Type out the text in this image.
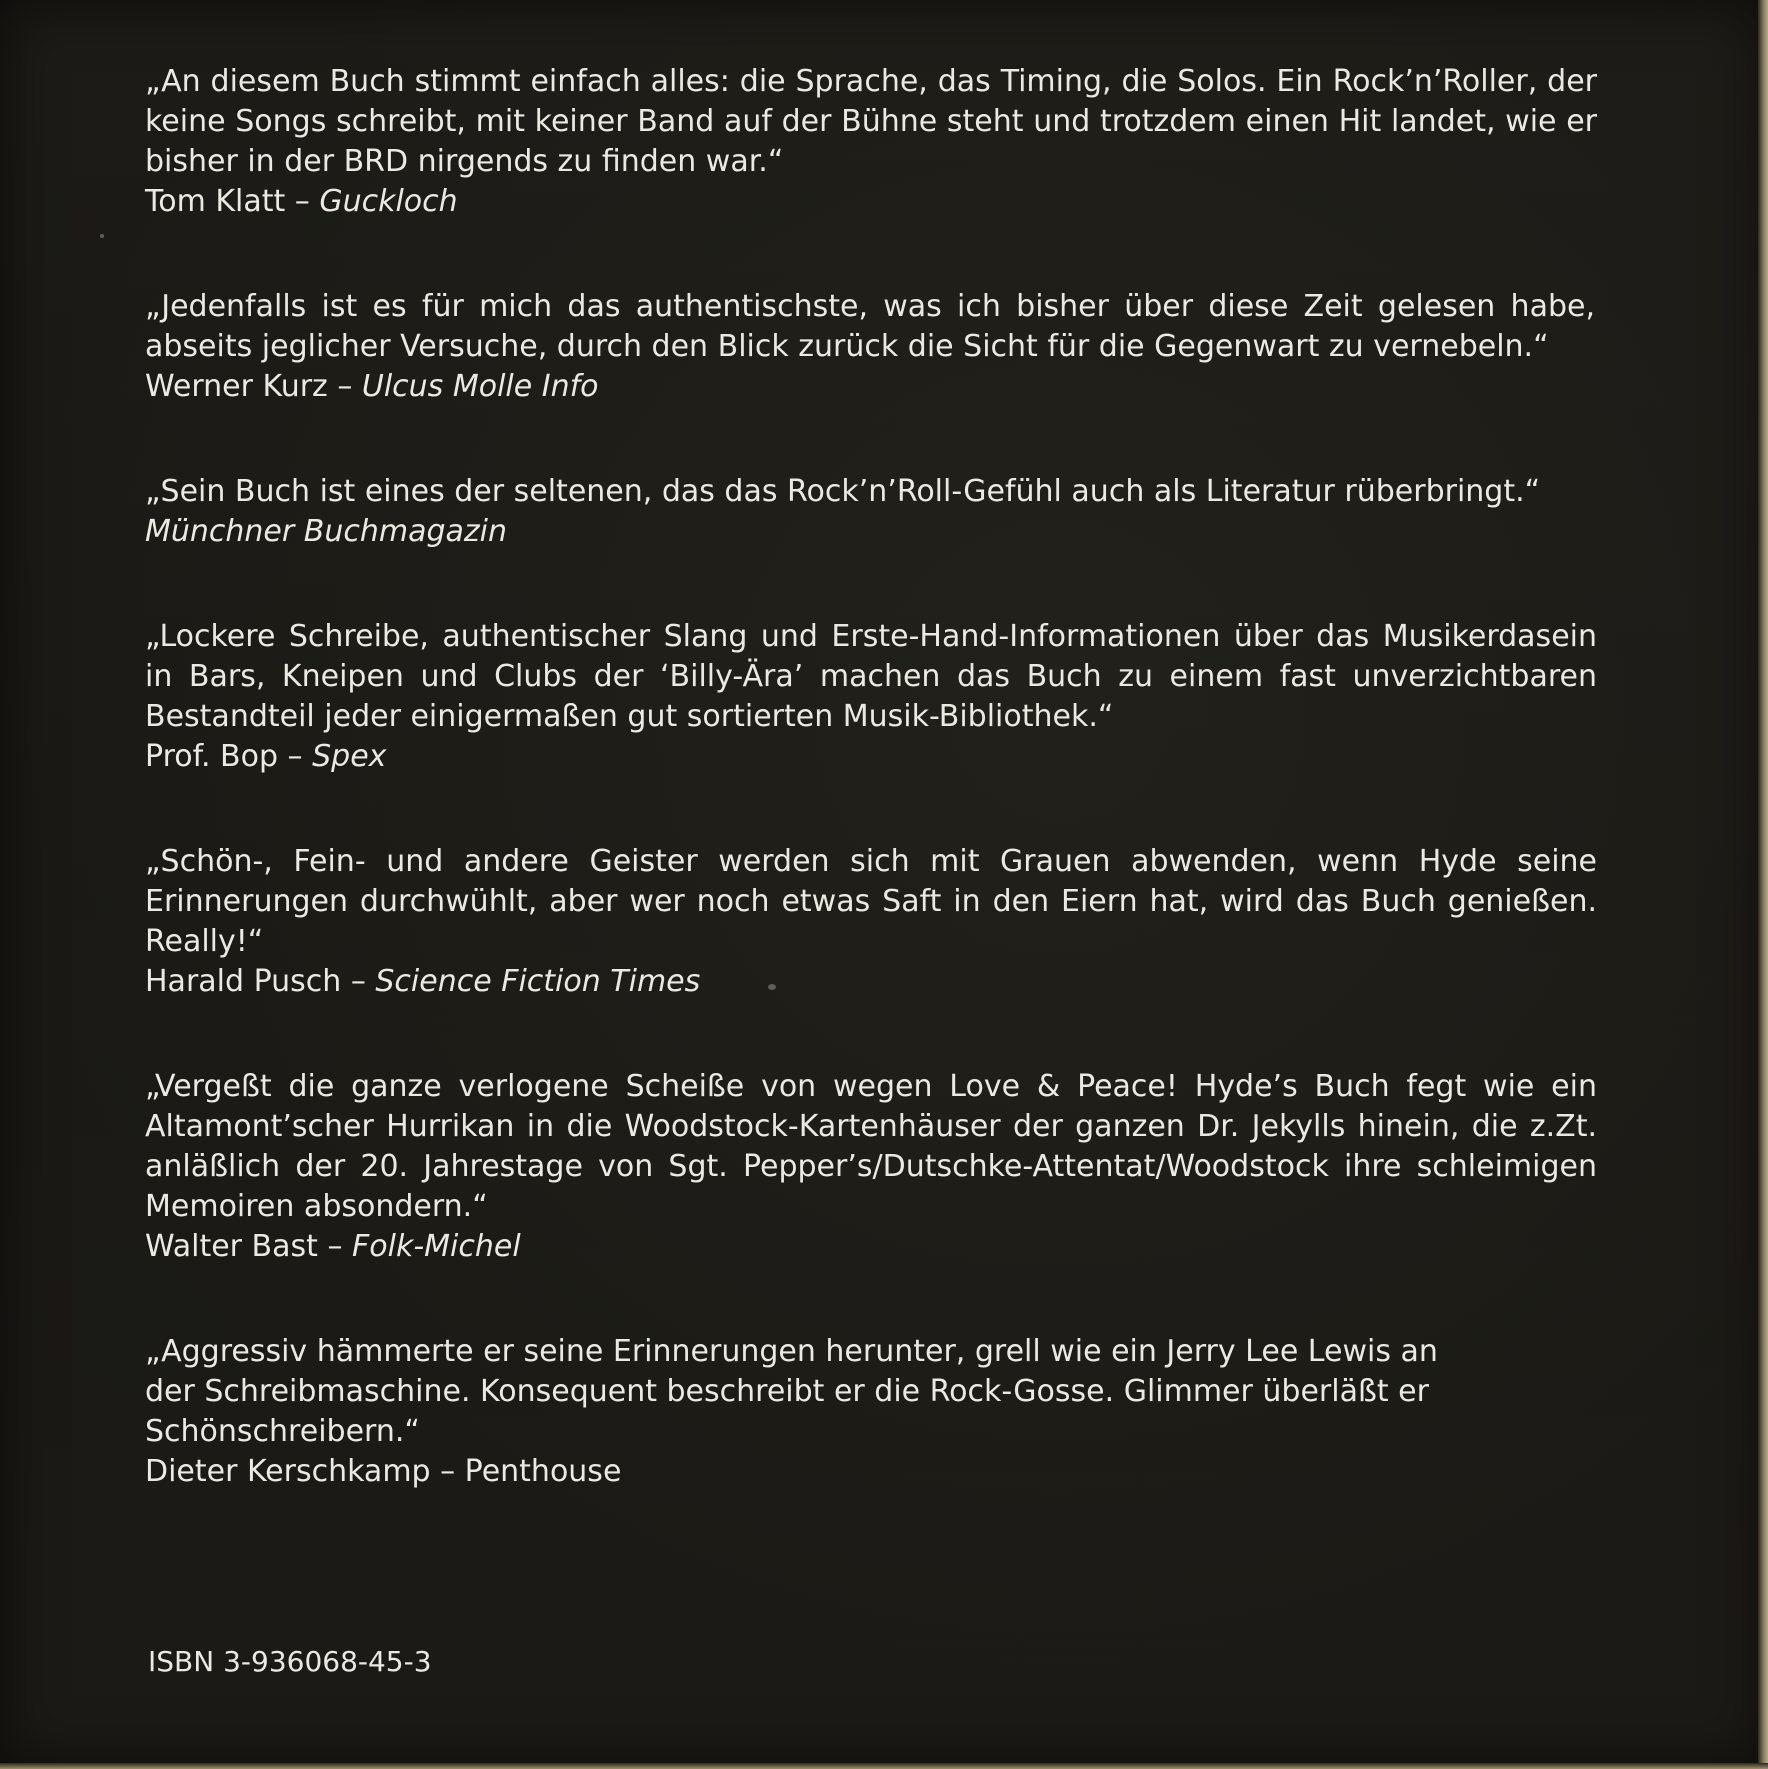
„An diesem Buch stimmt einfach alles: die Sprache, das Timing, die Solos. Ein Rock’n’Roller, der keine Songs schreibt, mit keiner Band auf der Bühne steht und trotzdem einen Hit landet, wie er bisher in der BRD nirgends zu finden war.“

Tom Klatt – Guckloch

„Jedenfalls ist es für mich das authentischste, was ich bisher über diese Zeit gelesen habe, abseits jeglicher Versuche, durch den Blick zurück die Sicht für die Gegenwart zu vernebeln.“

Werner Kurz – Ulcus Molle Info

„Sein Buch ist eines der seltenen, das das Rock’n’Roll-Gefühl auch als Literatur rüberbringt.“

Münchner Buchmagazin

„Lockere Schreibe, authentischer Slang und Erste-Hand-Informationen über das Musikerdasein in Bars, Kneipen und Clubs der ‘Billy-Ära’ machen das Buch zu einem fast unverzichtbaren Bestandteil jeder einigermaßen gut sortierten Musik-Bibliothek.“

Prof. Bop – Spex

„Schön-, Fein- und andere Geister werden sich mit Grauen abwenden, wenn Hyde seine Erinnerungen durchwühlt, aber wer noch etwas Saft in den Eiern hat, wird das Buch genießen. Really!“

Harald Pusch – Science Fiction Times

„Vergeßt die ganze verlogene Scheiße von wegen Love & Peace! Hyde’s Buch fegt wie ein Altamont’scher Hurrikan in die Woodstock-Kartenhäuser der ganzen Dr. Jekylls hinein, die z.Zt. anläßlich der 20. Jahrestage von Sgt. Pepper’s/Dutschke-Attentat/Woodstock ihre schleimigen Memoiren absondern.“

Walter Bast – Folk-Michel

„Aggressiv hämmerte er seine Erinnerungen herunter, grell wie ein Jerry Lee Lewis an der Schreibmaschine. Konsequent beschreibt er die Rock-Gosse. Glimmer überläßt er Schönschreibern.“

Dieter Kerschkamp – Penthouse

ISBN 3-936068-45-3
